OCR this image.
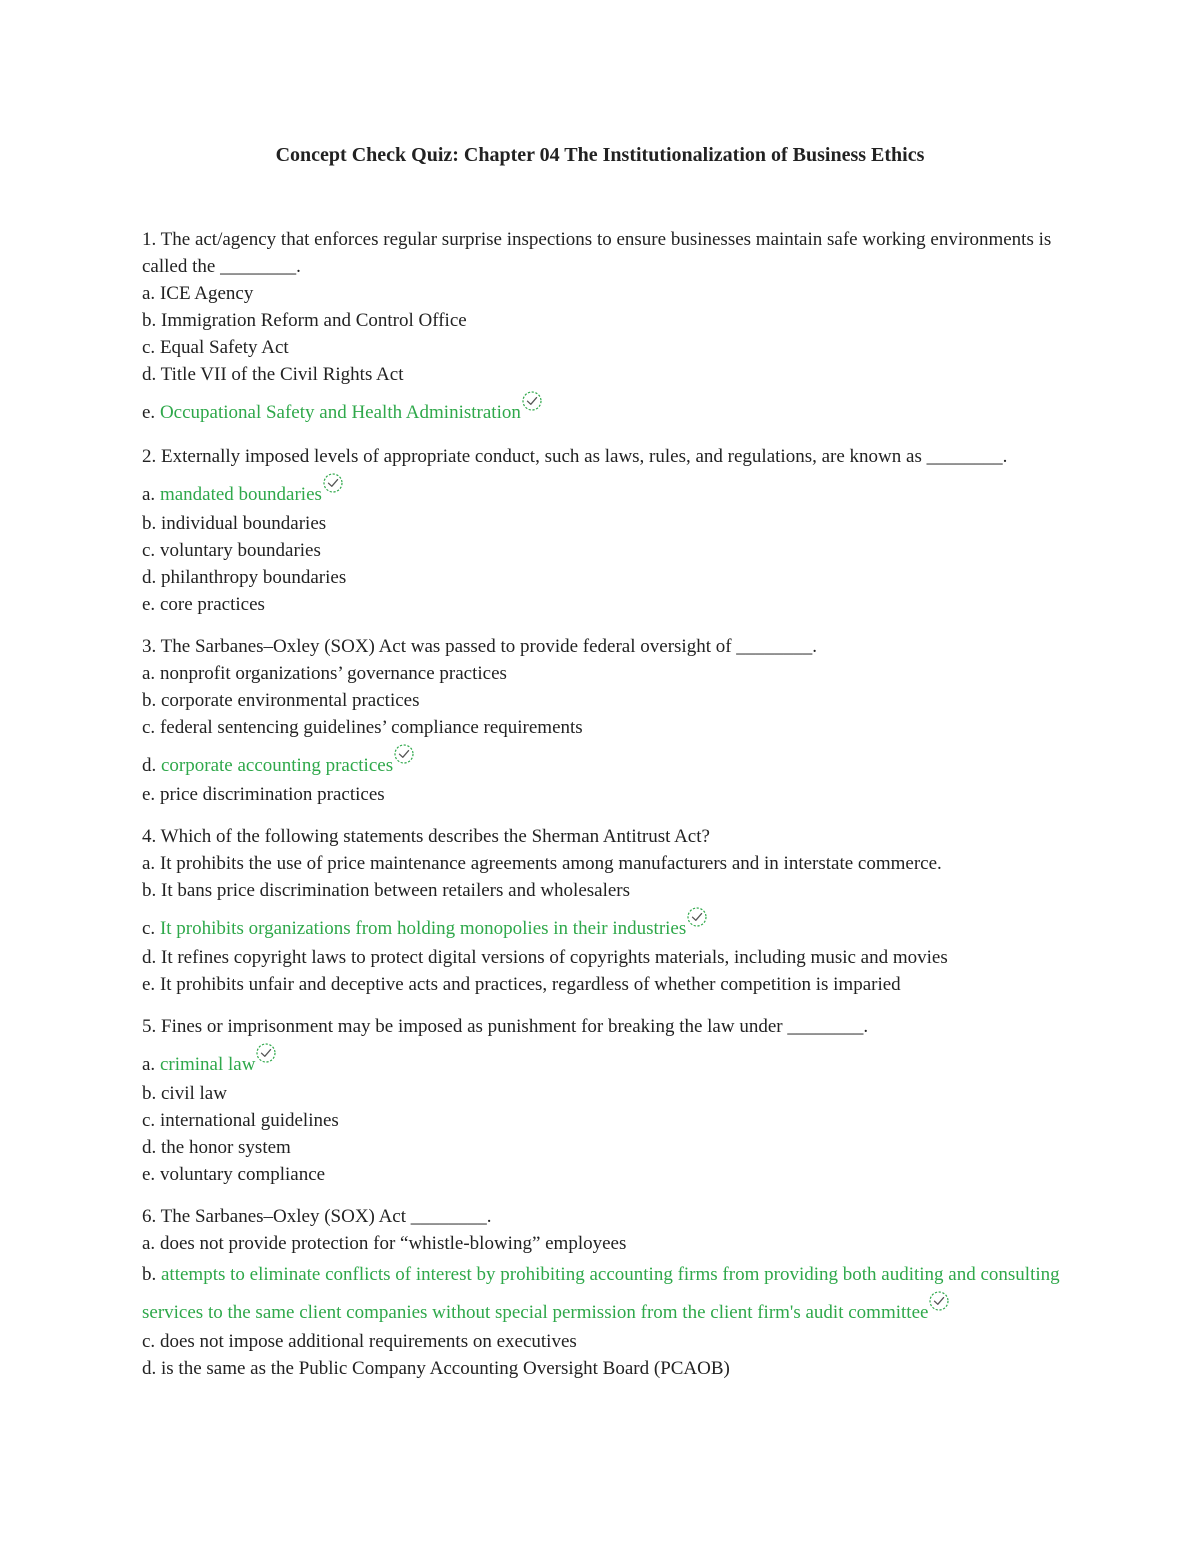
Concept Check Quiz: Chapter 04 The Institutionalization of Business Ethics

1. The act/agency that enforces regular surprise inspections to ensure businesses maintain safe working environments is called the ________.

a. ICE Agency

b. Immigration Reform and Control Office

c. Equal Safety Act

d. Title VII of the Civil Rights Act

e. Occupational Safety and Health Administration

2. Externally imposed levels of appropriate conduct, such as laws, rules, and regulations, are known as ________.

a. mandated boundaries

b. individual boundaries

c. voluntary boundaries

d. philanthropy boundaries

e. core practices

3. The Sarbanes–Oxley (SOX) Act was passed to provide federal oversight of ________.

a. nonprofit organizations’ governance practices

b. corporate environmental practices

c. federal sentencing guidelines’ compliance requirements

d. corporate accounting practices

e. price discrimination practices

4. Which of the following statements describes the Sherman Antitrust Act?

a. It prohibits the use of price maintenance agreements among manufacturers and in interstate commerce.

b. It bans price discrimination between retailers and wholesalers

c. It prohibits organizations from holding monopolies in their industries

d. It refines copyright laws to protect digital versions of copyrights materials, including music and movies

e. It prohibits unfair and deceptive acts and practices, regardless of whether competition is imparied

5. Fines or imprisonment may be imposed as punishment for breaking the law under ________.

a. criminal law

b. civil law

c. international guidelines

d. the honor system

e. voluntary compliance

6. The Sarbanes–Oxley (SOX) Act ________.

a. does not provide protection for “whistle-blowing” employees

b. attempts to eliminate conflicts of interest by prohibiting accounting firms from providing both auditing and consulting services to the same client companies without special permission from the client firm's audit committee

c. does not impose additional requirements on executives

d. is the same as the Public Company Accounting Oversight Board (PCAOB)
